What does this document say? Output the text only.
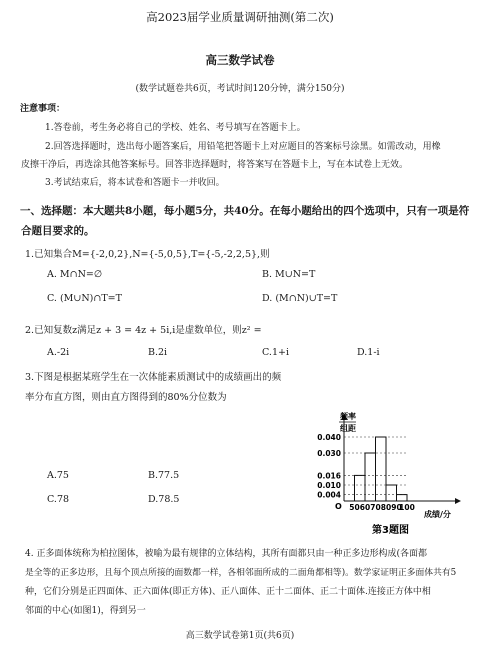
高2023届学业质量调研抽测(第二次)
高三数学试卷
(数学试题卷共6页，考试时间120分钟，满分150分)
注意事项：
1.答卷前，考生务必将自己的学校、姓名、考号填写在答题卡上。
2.回答选择题时，选出每小题答案后，用铅笔把答题卡上对应题目的答案标号涂黑。如需改动，用橡
皮擦干净后，再选涂其他答案标号。回答非选择题时，将答案写在答题卡上，写在本试卷上无效。
3.考试结束后，将本试卷和答题卡一并收回。
一、选择题：本大题共8小题，每小题5分，共40分。在每小题给出的四个选项中，只有一项是符
合题目要求的。
1.已知集合M={-2,0,2},N={-5,0,5},T={-5,-2,2,5},则
A. M∩N=∅	B. M∪N=T
C. (M∪N)∩T=T	D. (M∩N)∪T=T
2.已知复数z满足z + 3 = 4z + 5i,i是虚数单位，则z² =
A.-2i	B.2i	C.1+i	D.1-i
3.下图是根据某班学生在一次体能素质测试中的成绩画出的频
率分布直方图，则由直方图得到的80%分位数为
A.75	B.77.5
C.78	D.78.5
频率
组距
0.004
0.010
0.016
0.030
0.040
50 60 70 80 90
100
O
成绩/分
第3题图
4. 正多面体统称为柏拉图体，被喻为最有规律的立体结构，其所有面都只由一种正多边形构成(各面都
是全等的正多边形，且每个顶点所接的面数都一样，各相邻面所成的二面角都相等)。数学家证明正多面体共有5
种，它们分别是正四面体、正六面体(即正方体)、正八面体、正十二面体、正二十面体.连接正方体中相
邻面的中心(如图1)，得到另一
高三数学试卷第1页(共6页)
